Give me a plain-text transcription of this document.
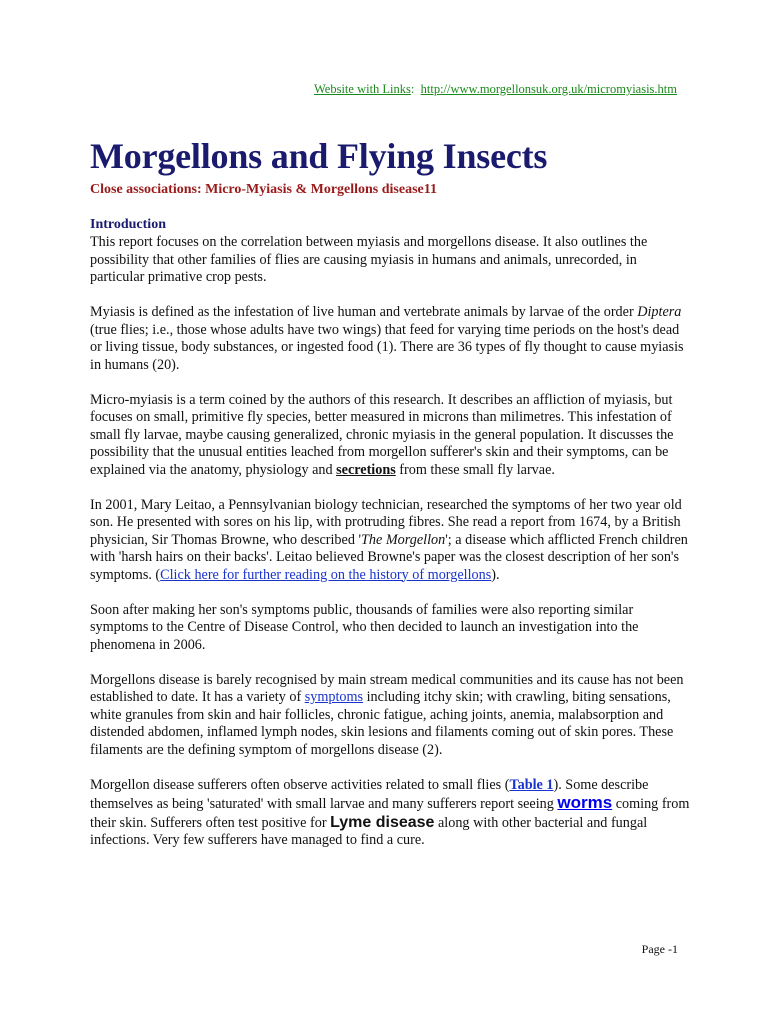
Website with Links: http://www.morgellonsuk.org.uk/micromyiasis.htm
Morgellons and Flying Insects
Close associations: Micro-Myiasis & Morgellons disease11
Introduction

This report focuses on the correlation between myiasis and morgellons disease. It also outlines the possibility that other families of flies are causing myiasis in humans and animals, unrecorded, in particular primative crop pests.

Myiasis is defined as the infestation of live human and vertebrate animals by larvae of the order Diptera (true flies; i.e., those whose adults have two wings) that feed for varying time periods on the host's dead or living tissue, body substances, or ingested food (1). There are 36 types of fly thought to cause myiasis in humans (20).

Micro-myiasis is a term coined by the authors of this research. It describes an affliction of myiasis, but focuses on small, primitive fly species, better measured in microns than milimetres. This infestation of small fly larvae, maybe causing generalized, chronic myiasis in the general population. It discusses the possibility that the unusual entities leached from morgellon sufferer's skin and their symptoms, can be explained via the anatomy, physiology and secretions from these small fly larvae.

In 2001, Mary Leitao, a Pennsylvanian biology technician, researched the symptoms of her two year old son. He presented with sores on his lip, with protruding fibres. She read a report from 1674, by a British physician, Sir Thomas Browne, who described 'The Morgellon'; a disease which afflicted French children with 'harsh hairs on their backs'. Leitao believed Browne's paper was the closest description of her son's symptoms. (Click here for further reading on the history of morgellons).

Soon after making her son's symptoms public, thousands of families were also reporting similar symptoms to the Centre of Disease Control, who then decided to launch an investigation into the phenomena in 2006.

Morgellons disease is barely recognised by main stream medical communities and its cause has not been established to date. It has a variety of symptoms including itchy skin; with crawling, biting sensations, white granules from skin and hair follicles, chronic fatigue, aching joints, anemia, malabsorption and distended abdomen, inflamed lymph nodes, skin lesions and filaments coming out of skin pores. These filaments are the defining symptom of morgellons disease (2).

Morgellon disease sufferers often observe activities related to small flies (Table 1). Some describe themselves as being 'saturated' with small larvae and many sufferers report seeing worms coming from their skin. Sufferers often test positive for Lyme disease along with other bacterial and fungal infections. Very few sufferers have managed to find a cure.

Page -1
